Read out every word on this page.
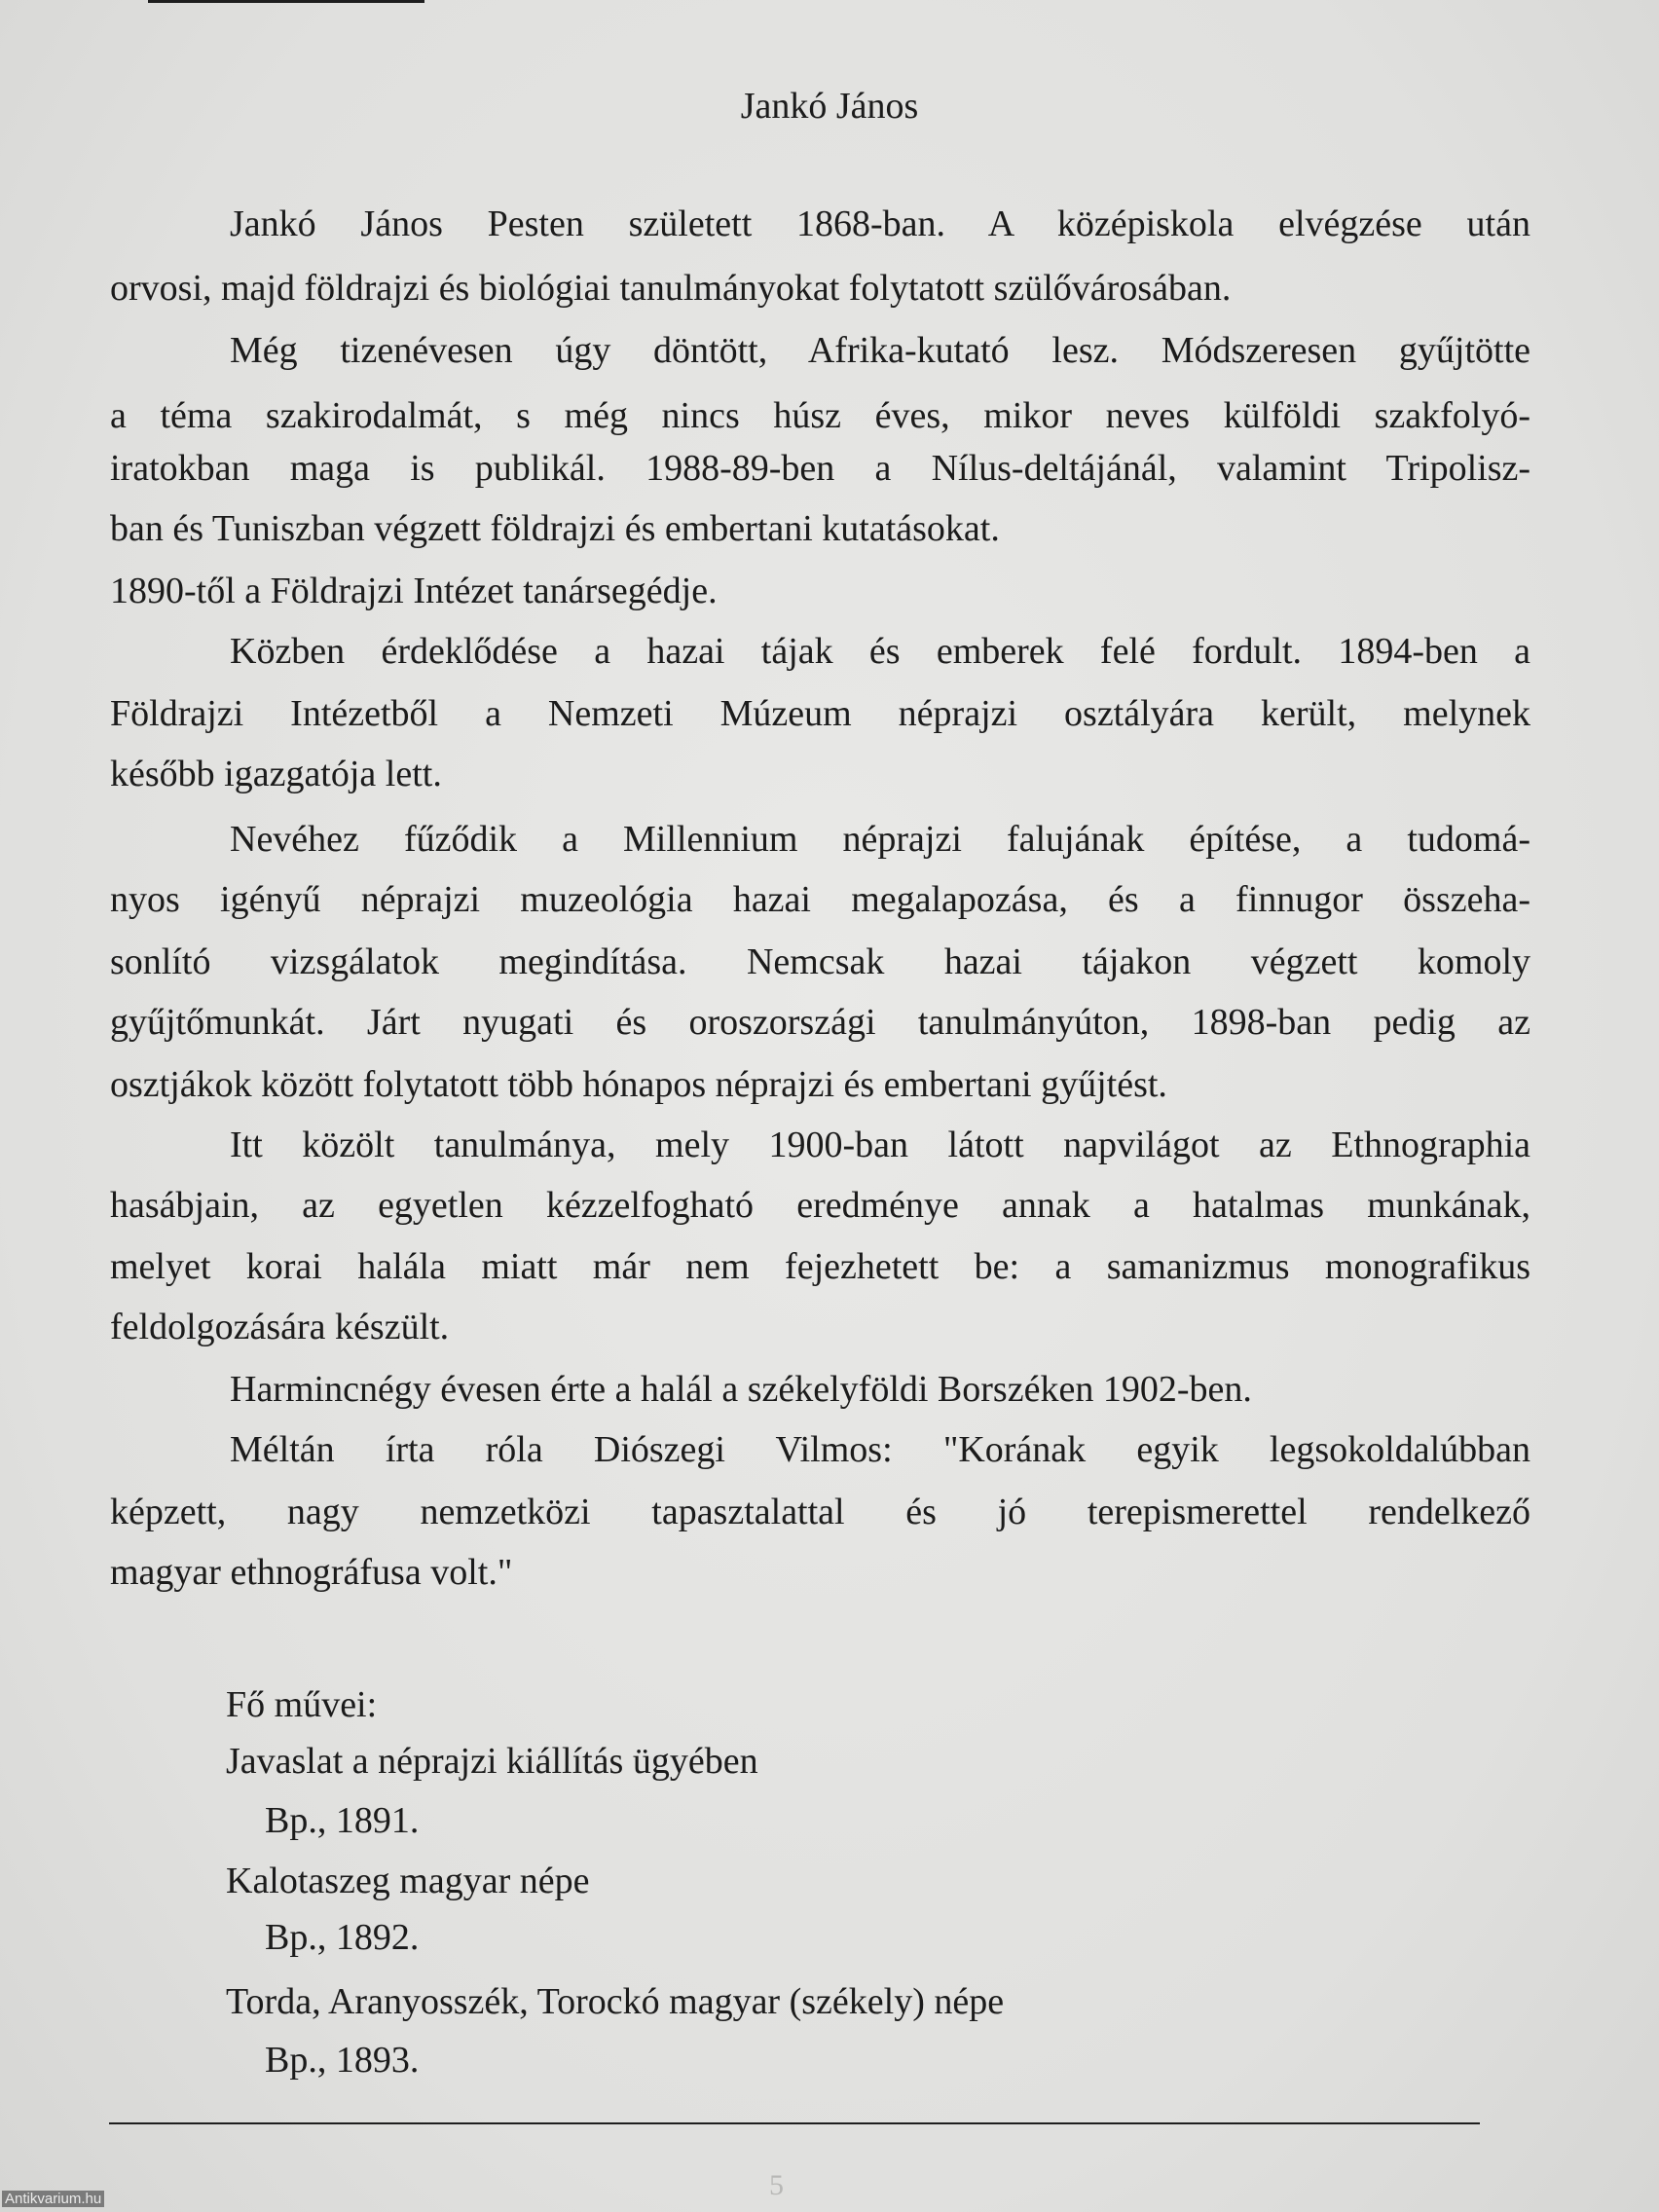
Jankó János
Jankó János Pesten született 1868-ban. A középiskola elvégzése után
orvosi, majd földrajzi és biológiai tanulmányokat folytatott szülővárosában.
Még tizenévesen úgy döntött, Afrika-kutató lesz. Módszeresen gyűjtötte
a téma szakirodalmát, s még nincs húsz éves, mikor neves külföldi szakfolyó-
iratokban maga is publikál. 1988-89-ben a Nílus-deltájánál, valamint Tripolisz-
ban és Tuniszban végzett földrajzi és embertani kutatásokat.
1890-től a Földrajzi Intézet tanársegédje.
Közben érdeklődése a hazai tájak és emberek felé fordult. 1894-ben a
Földrajzi Intézetből a Nemzeti Múzeum néprajzi osztályára került, melynek
később igazgatója lett.
Nevéhez fűződik a Millennium néprajzi falujának építése, a tudomá-
nyos igényű néprajzi muzeológia hazai megalapozása, és a finnugor összeha-
sonlító vizsgálatok megindítása. Nemcsak hazai tájakon végzett komoly
gyűjtőmunkát. Járt nyugati és oroszországi tanulmányúton, 1898-ban pedig az
osztjákok között folytatott több hónapos néprajzi és embertani gyűjtést.
Itt közölt tanulmánya, mely 1900-ban látott napvilágot az Ethnographia
hasábjain, az egyetlen kézzelfogható eredménye annak a hatalmas munkának,
melyet korai halála miatt már nem fejezhetett be: a samanizmus monografikus
feldolgozására készült.
Harmincnégy évesen érte a halál a székelyföldi Borszéken 1902-ben.
Méltán írta róla Diószegi Vilmos: "Korának egyik legsokoldalúbban
képzett, nagy nemzetközi tapasztalattal és jó terepismerettel rendelkező
magyar ethnográfusa volt."
Fő művei:
Javaslat a néprajzi kiállítás ügyében
Bp., 1891.
Kalotaszeg magyar népe
Bp., 1892.
Torda, Aranyosszék, Torockó magyar (székely) népe
Bp., 1893.
5
Antikvarium.hu
